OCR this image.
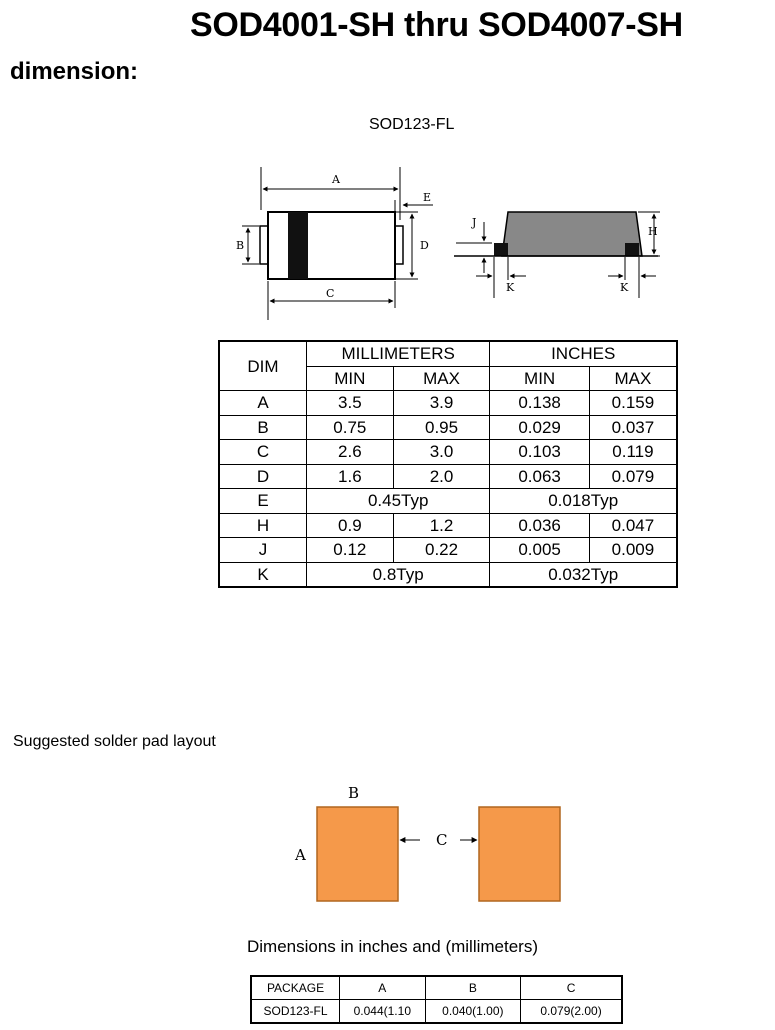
SOD4001-SH thru SOD4007-SH
dimension:
SOD123-FL
A
E
B	D
C
H
J
K	K
DIM	MILLIMETERS		INCHES	
	MIN	MAX	MIN	MAX
A	3.5	3.9	0.138	0.159
B	0.75	0.95	0.029	0.037
C	2.6	3.0	0.103	0.119
D	1.6	2.0	0.063	0.079
E	0.45Typ		0.018Typ	
H	0.9	1.2	0.036	0.047
J	0.12	0.22	0.005	0.009
K	0.8Typ		0.032Typ	
Suggested solder pad layout
B
A
C
Dimensions in inches and (millimeters)
PACKAGE	A	B	C
SOD123-FL	0.044(1.10	0.040(1.00)	0.079(2.00)
